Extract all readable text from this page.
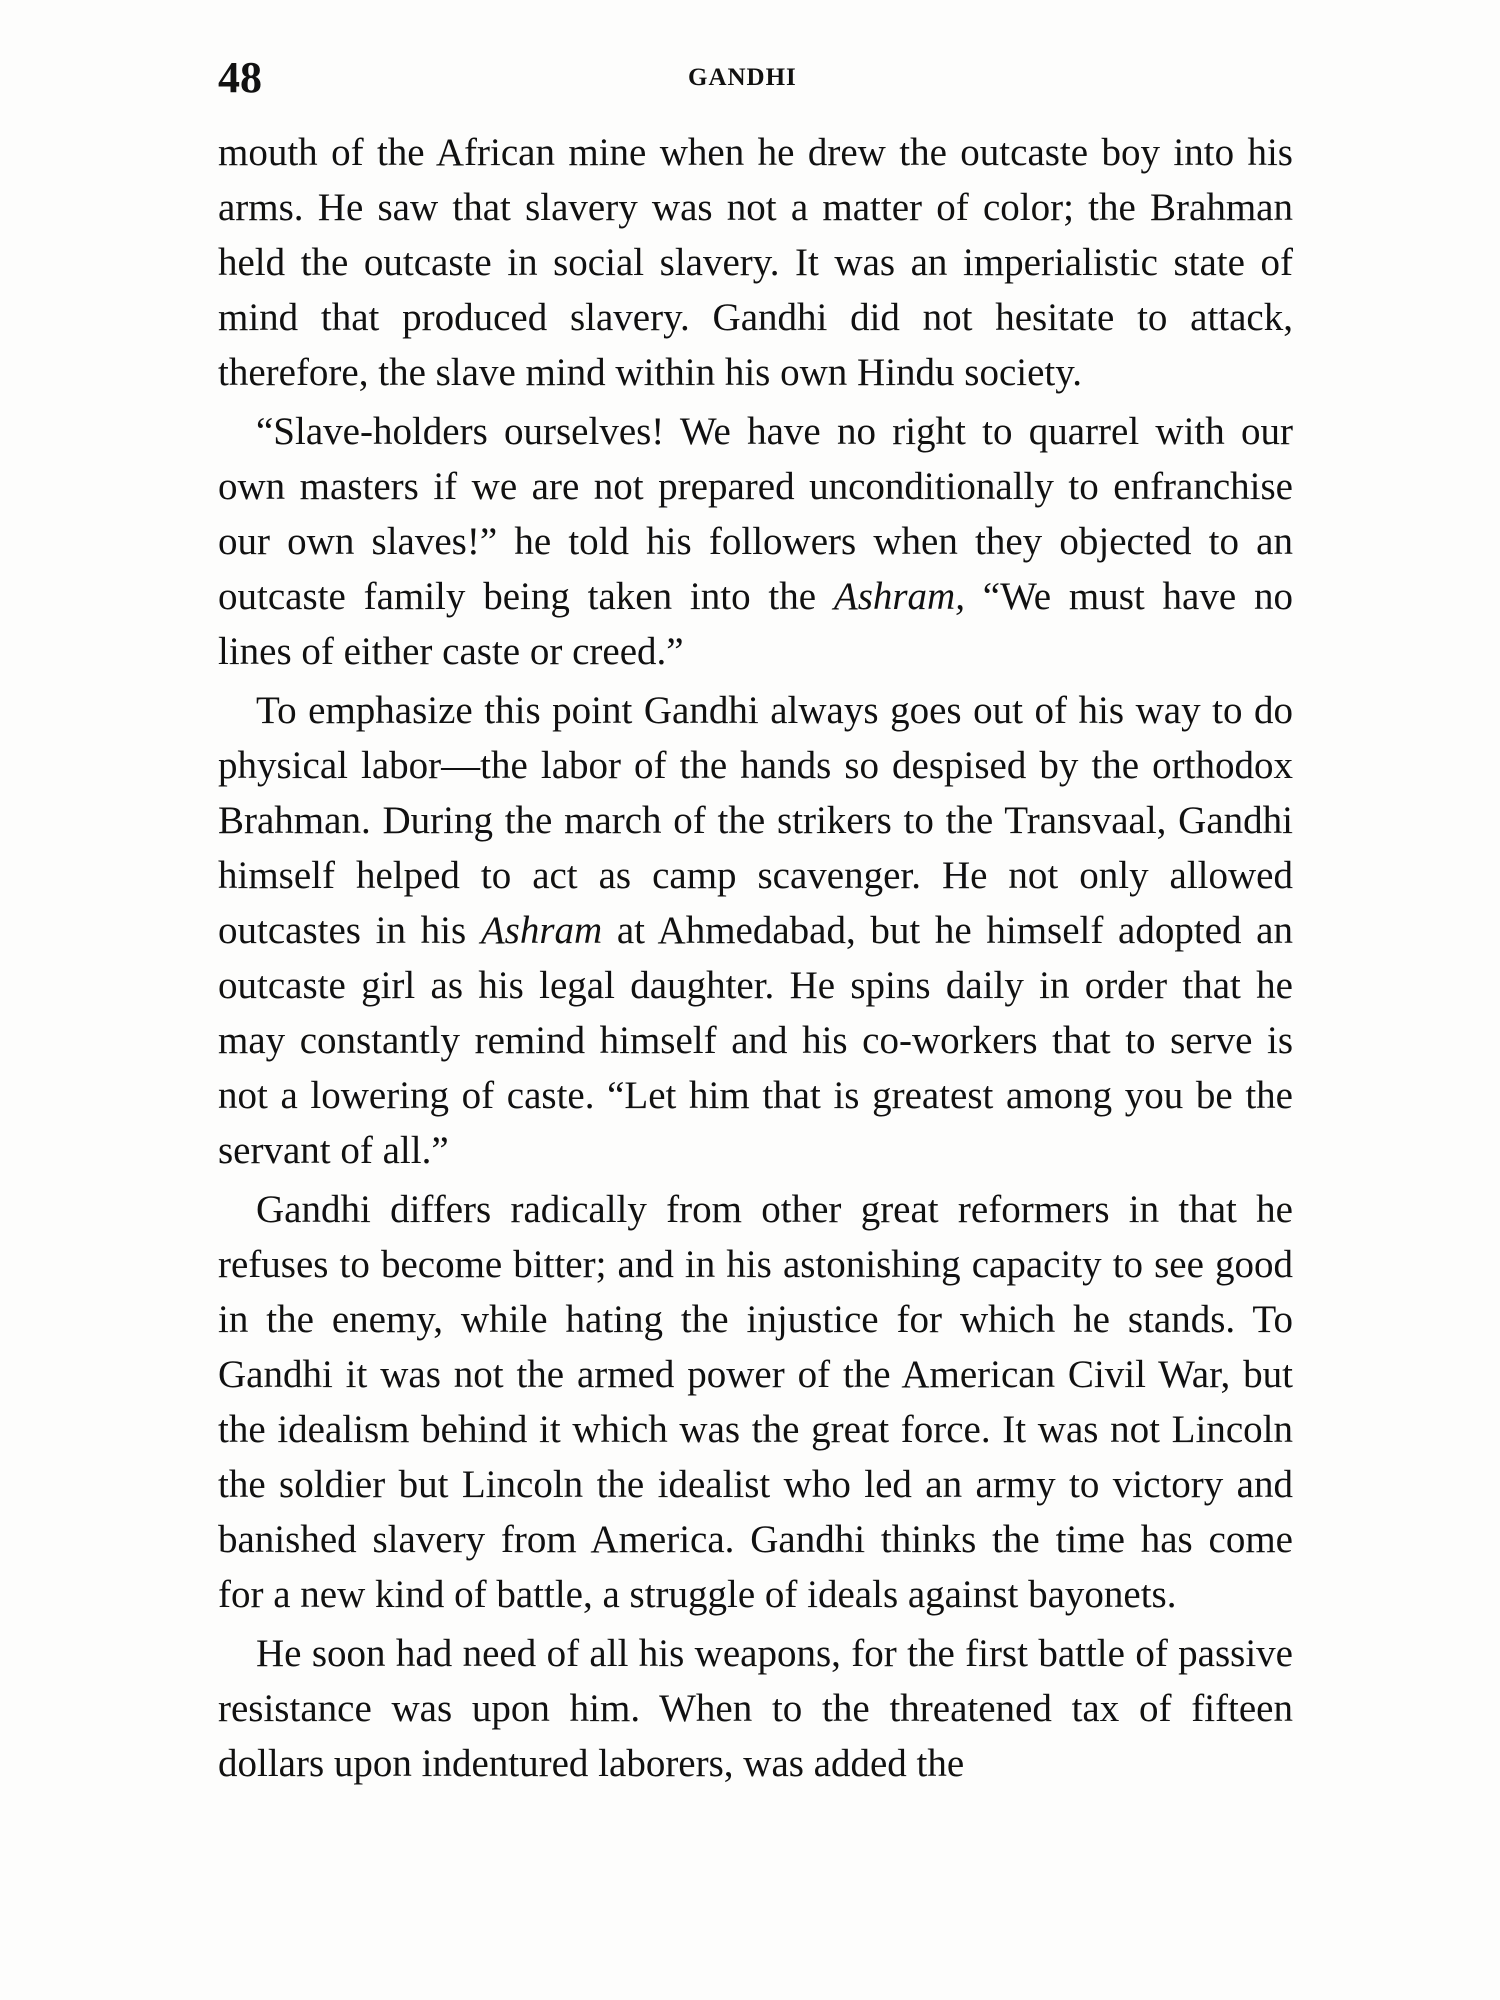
48	GANDHI

mouth of the African mine when he drew the outcaste boy into his arms. He saw that slavery was not a matter of color; the Brahman held the outcaste in social slavery. It was an imperialistic state of mind that produced slavery. Gandhi did not hesitate to attack, therefore, the slave mind within his own Hindu society.

“Slave-holders ourselves! We have no right to quarrel with our own masters if we are not prepared unconditionally to enfranchise our own slaves!” he told his followers when they objected to an outcaste family being taken into the Ashram, “We must have no lines of either caste or creed.”

To emphasize this point Gandhi always goes out of his way to do physical labor—the labor of the hands so despised by the orthodox Brahman. During the march of the strikers to the Transvaal, Gandhi himself helped to act as camp scavenger. He not only allowed outcastes in his Ashram at Ahmedabad, but he himself adopted an outcaste girl as his legal daughter. He spins daily in order that he may constantly remind himself and his co-workers that to serve is not a lowering of caste. “Let him that is greatest among you be the servant of all.”

Gandhi differs radically from other great reformers in that he refuses to become bitter; and in his astonishing capacity to see good in the enemy, while hating the injustice for which he stands. To Gandhi it was not the armed power of the American Civil War, but the idealism behind it which was the great force. It was not Lincoln the soldier but Lincoln the idealist who led an army to victory and banished slavery from America. Gandhi thinks the time has come for a new kind of battle, a struggle of ideals against bayonets.

He soon had need of all his weapons, for the first battle of passive resistance was upon him. When to the threatened tax of fifteen dollars upon indentured laborers, was added the
